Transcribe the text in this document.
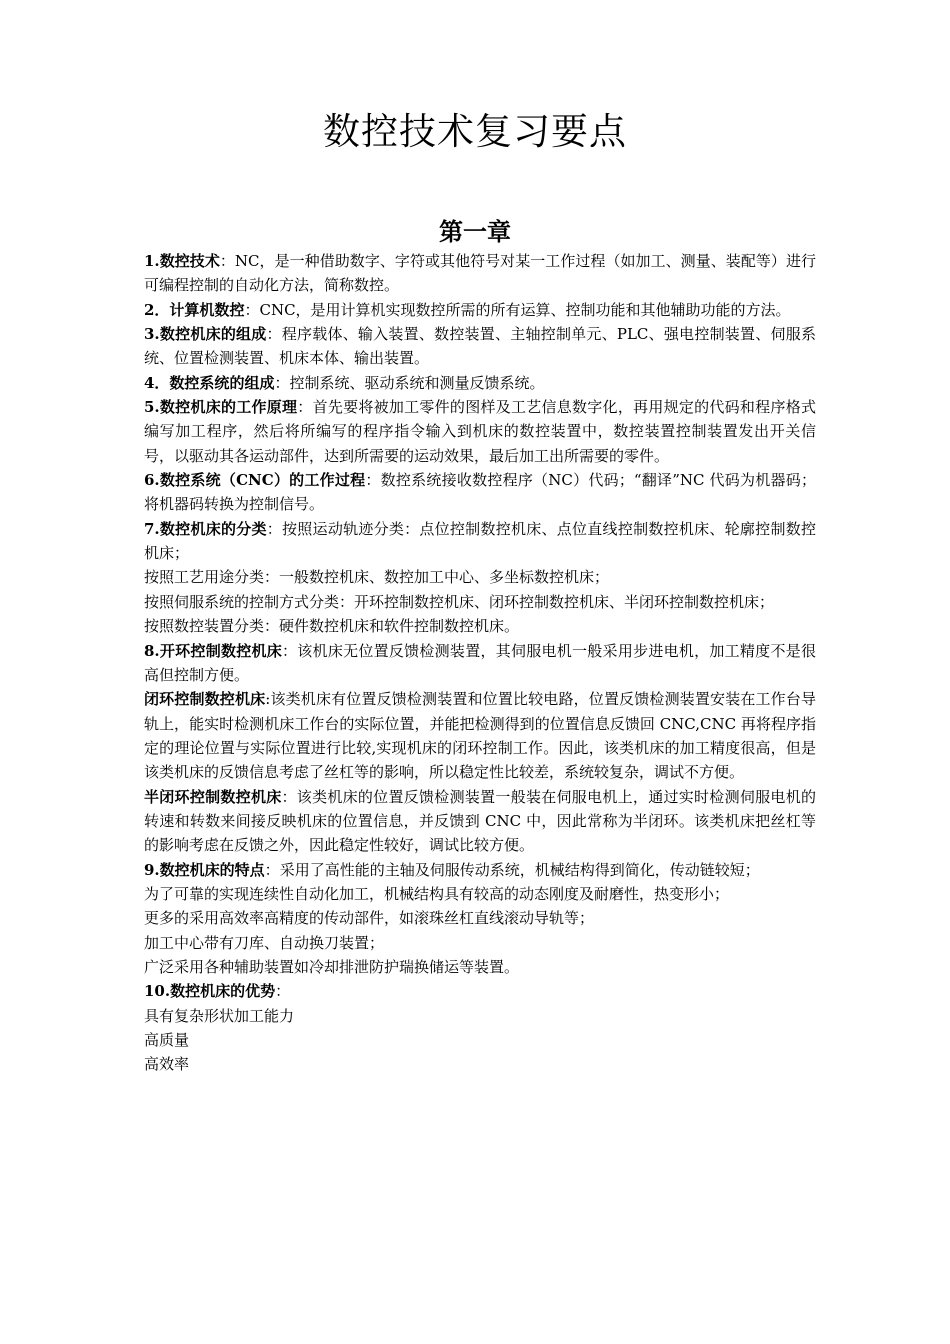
数控技术复习要点
第一章

1.数控技术：NC，是一种借助数字、字符或其他符号对某一工作过程（如加工、测量、装配等）进行可编程控制的自动化方法，简称数控。

2．计算机数控：CNC，是用计算机实现数控所需的所有运算、控制功能和其他辅助功能的方法。

3.数控机床的组成：程序载体、输入装置、数控装置、主轴控制单元、PLC、强电控制装置、伺服系统、位置检测装置、机床本体、输出装置。

4．数控系统的组成：控制系统、驱动系统和测量反馈系统。

5.数控机床的工作原理：首先要将被加工零件的图样及工艺信息数字化，再用规定的代码和程序格式编写加工程序，然后将所编写的程序指令输入到机床的数控装置中，数控装置控制装置发出开关信号，以驱动其各运动部件，达到所需要的运动效果，最后加工出所需要的零件。

6.数控系统（CNC）的工作过程：数控系统接收数控程序（NC）代码；“翻译”NC 代码为机器码；将机器码转换为控制信号。

7.数控机床的分类：按照运动轨迹分类：点位控制数控机床、点位直线控制数控机床、轮廓控制数控机床；

按照工艺用途分类：一般数控机床、数控加工中心、多坐标数控机床；

按照伺服系统的控制方式分类：开环控制数控机床、闭环控制数控机床、半闭环控制数控机床；

按照数控装置分类：硬件数控机床和软件控制数控机床。

8.开环控制数控机床：该机床无位置反馈检测装置，其伺服电机一般采用步进电机，加工精度不是很高但控制方便。

闭环控制数控机床:该类机床有位置反馈检测装置和位置比较电路，位置反馈检测装置安装在工作台导轨上，能实时检测机床工作台的实际位置，并能把检测得到的位置信息反馈回 CNC,CNC 再将程序指定的理论位置与实际位置进行比较,实现机床的闭环控制工作。因此，该类机床的加工精度很高，但是该类机床的反馈信息考虑了丝杠等的影响，所以稳定性比较差，系统较复杂，调试不方便。

半闭环控制数控机床：该类机床的位置反馈检测装置一般装在伺服电机上，通过实时检测伺服电机的转速和转数来间接反映机床的位置信息，并反馈到 CNC 中，因此常称为半闭环。该类机床把丝杠等的影响考虑在反馈之外，因此稳定性较好，调试比较方便。

9.数控机床的特点：采用了高性能的主轴及伺服传动系统，机械结构得到简化，传动链较短；

为了可靠的实现连续性自动化加工，机械结构具有较高的动态刚度及耐磨性，热变形小；

更多的采用高效率高精度的传动部件，如滚珠丝杠直线滚动导轨等；

加工中心带有刀库、自动换刀装置；

广泛采用各种辅助装置如冷却排泄防护瑞换储运等装置。

10.数控机床的优势：

具有复杂形状加工能力

高质量

高效率
